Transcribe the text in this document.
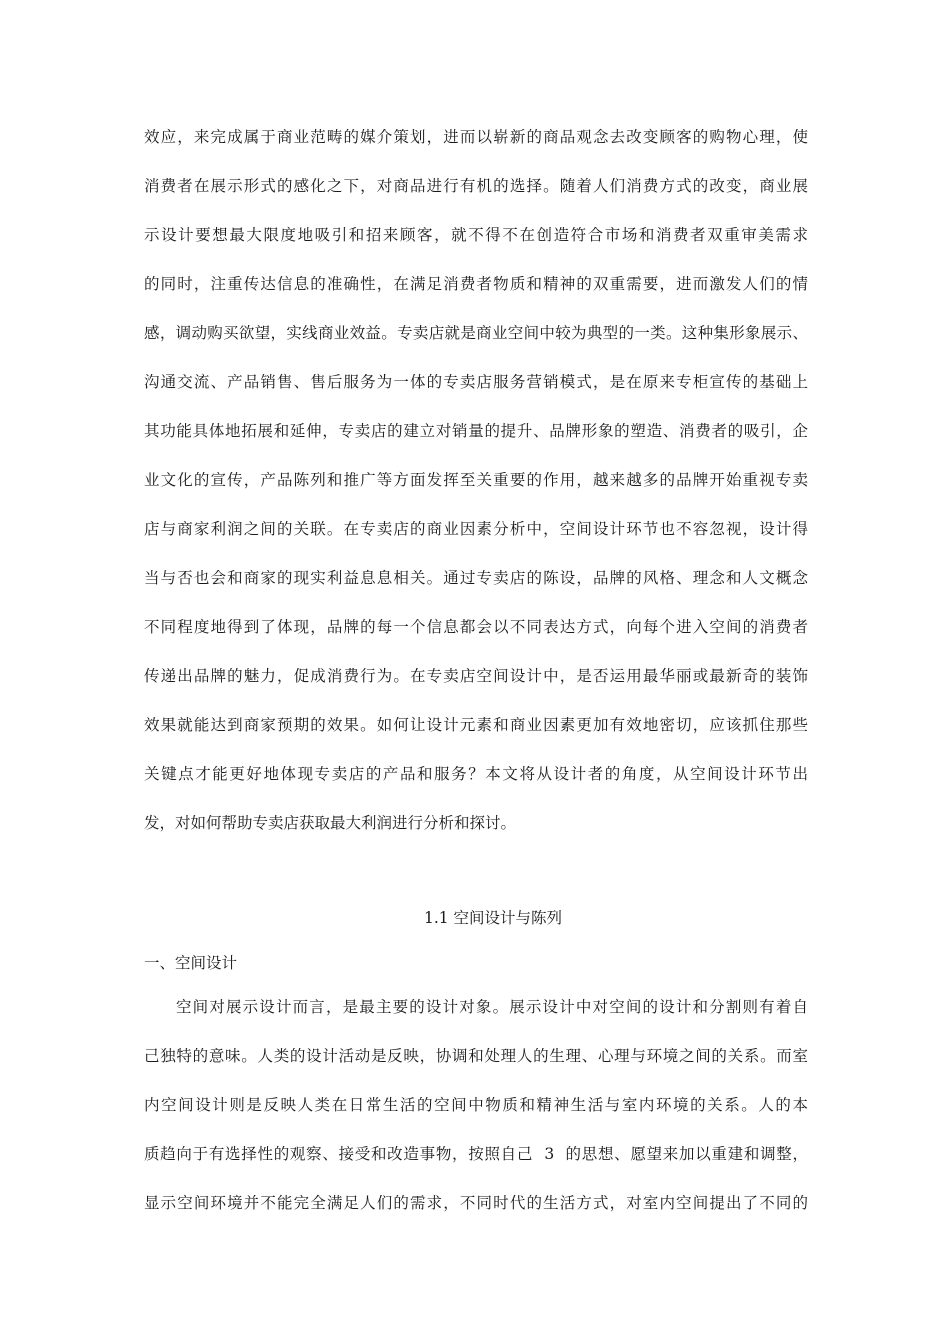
效应，来完成属于商业范畴的媒介策划，进而以崭新的商品观念去改变顾客的购物心理，使
消费者在展示形式的感化之下，对商品进行有机的选择。随着人们消费方式的改变，商业展
示设计要想最大限度地吸引和招来顾客，就不得不在创造符合市场和消费者双重审美需求
的同时，注重传达信息的准确性，在满足消费者物质和精神的双重需要，进而激发人们的情
感，调动购买欲望，实线商业效益。专卖店就是商业空间中较为典型的一类。这种集形象展示、
沟通交流、产品销售、售后服务为一体的专卖店服务营销模式，是在原来专柜宣传的基础上
其功能具体地拓展和延伸，专卖店的建立对销量的提升、品牌形象的塑造、消费者的吸引，企
业文化的宣传，产品陈列和推广等方面发挥至关重要的作用，越来越多的品牌开始重视专卖
店与商家利润之间的关联。在专卖店的商业因素分析中，空间设计环节也不容忽视，设计得
当与否也会和商家的现实利益息息相关。通过专卖店的陈设，品牌的风格、理念和人文概念
不同程度地得到了体现，品牌的每一个信息都会以不同表达方式，向每个进入空间的消费者
传递出品牌的魅力，促成消费行为。在专卖店空间设计中，是否运用最华丽或最新奇的装饰
效果就能达到商家预期的效果。如何让设计元素和商业因素更加有效地密切，应该抓住那些
关键点才能更好地体现专卖店的产品和服务？本文将从设计者的角度，从空间设计环节出
发，对如何帮助专卖店获取最大利润进行分析和探讨。
1.1 空间设计与陈列
一、空间设计
空间对展示设计而言，是最主要的设计对象。展示设计中对空间的设计和分割则有着自
己独特的意味。人类的设计活动是反映，协调和处理人的生理、心理与环境之间的关系。而室
内空间设计则是反映人类在日常生活的空间中物质和精神生活与室内环境的关系。人的本
质趋向于有选择性的观察、接受和改造事物，按照自己  3  的思想、愿望来加以重建和调整，
显示空间环境并不能完全满足人们的需求，不同时代的生活方式，对室内空间提出了不同的
